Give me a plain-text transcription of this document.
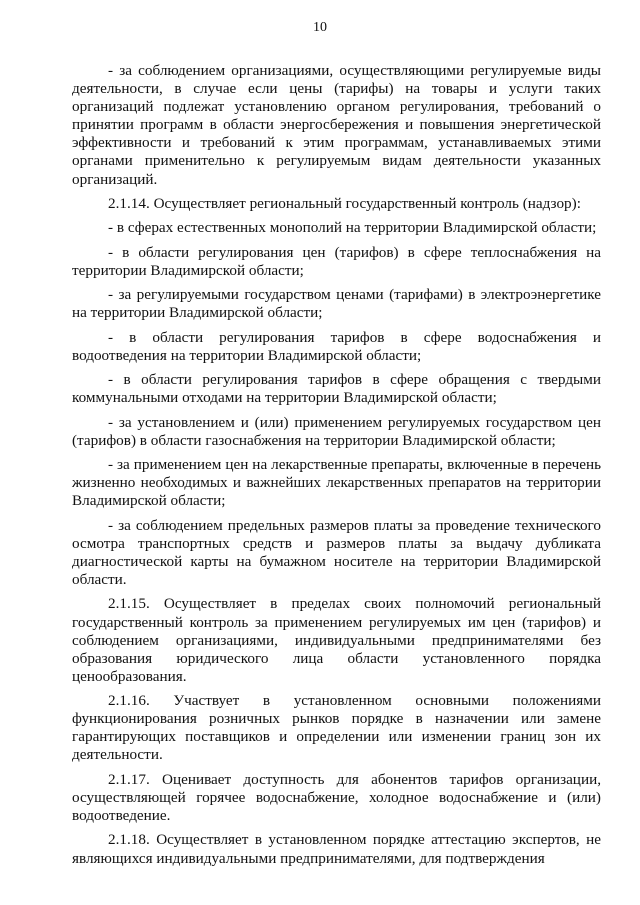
10

- за соблюдением организациями, осуществляющими регулируемые виды деятельности, в случае если цены (тарифы) на товары и услуги таких организаций подлежат установлению органом регулирования, требований о принятии программ в области энергосбережения и повышения энергетической эффективности и требований к этим программам, устанавливаемых этими органами применительно к регулируемым видам деятельности указанных организаций.

2.1.14. Осуществляет региональный государственный контроль (надзор):

- в сферах естественных монополий на территории Владимирской области;

- в области регулирования цен (тарифов) в сфере теплоснабжения на территории Владимирской области;

- за регулируемыми государством ценами (тарифами) в электроэнергетике на территории Владимирской области;

- в области регулирования тарифов в сфере водоснабжения и водоотведения на территории Владимирской области;

- в области регулирования тарифов в сфере обращения с твердыми коммунальными отходами на территории Владимирской области;

- за установлением и (или) применением регулируемых государством цен (тарифов) в области газоснабжения на территории Владимирской области;

- за применением цен на лекарственные препараты, включенные в перечень жизненно необходимых и важнейших лекарственных препаратов на территории Владимирской области;

- за соблюдением предельных размеров платы за проведение технического осмотра транспортных средств и размеров платы за выдачу дубликата диагностической карты на бумажном носителе на территории Владимирской области.

2.1.15. Осуществляет в пределах своих полномочий региональный государственный контроль за применением регулируемых им цен (тарифов) и соблюдением организациями, индивидуальными предпринимателями без образования юридического лица области установленного порядка ценообразования.

2.1.16. Участвует в установленном основными положениями функционирования розничных рынков порядке в назначении или замене гарантирующих поставщиков и определении или изменении границ зон их деятельности.

2.1.17. Оценивает доступность для абонентов тарифов организации, осуществляющей горячее водоснабжение, холодное водоснабжение и (или) водоотведение.

2.1.18. Осуществляет в установленном порядке аттестацию экспертов, не являющихся индивидуальными предпринимателями, для подтверждения
